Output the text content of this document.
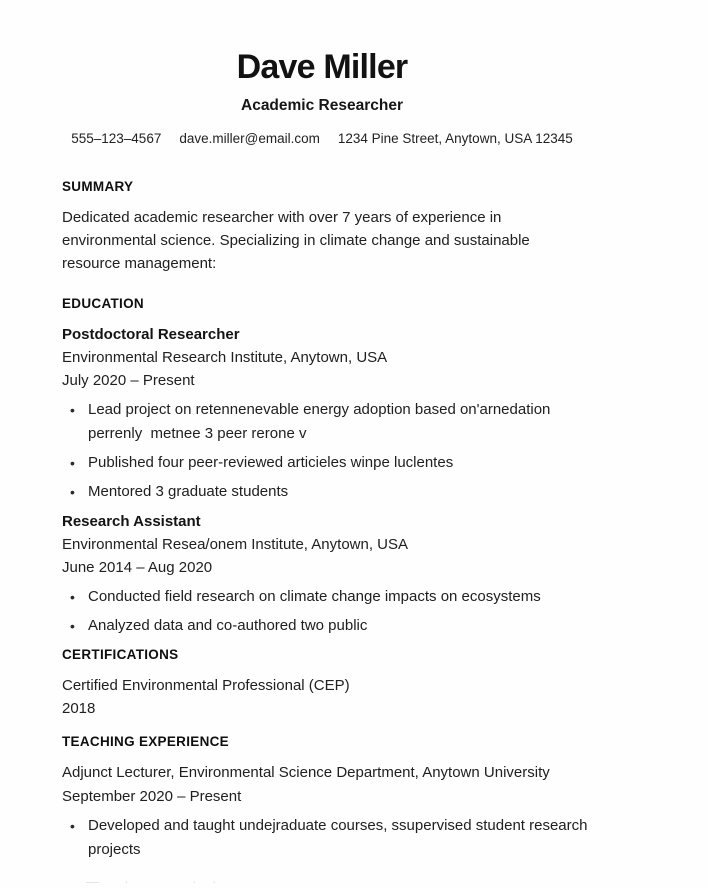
Dave Miller
Academic Researcher
555–123–4567 dave.miller@email.com 1234 Pine Street, Anytown, USA 12345
SUMMARY
Dedicated academic researcher with over 7 years of experience in
environmental science. Specializing in climate change and sustainable
resource management:
EDUCATION
Postdoctoral Researcher
Environmental Research Institute, Anytown, USA
July 2020 – Present
• Lead project on retennenevable energy adoption based on'arnedation
perrenly  metnee 3 peer rerone v
• Published four peer-reviewed articieles winpe luclentes
• Mentored 3 graduate students
Research Assistant
Environmental Resea/onem Institute, Anytown, USA
June 2014 – Aug 2020
• Conducted field research on climate change impacts on ecosystems
• Analyzed data and co-authored two public
CERTIFICATIONS
Certified Environmental Professional (CEP)
2018
TEACHING EXPERIENCE
Adjunct Lecturer, Environmental Science Department, Anytown University
September 2020 – Present
• Developed and taught undejraduate courses, ssupervised student research
projects
—  ·      · ·
